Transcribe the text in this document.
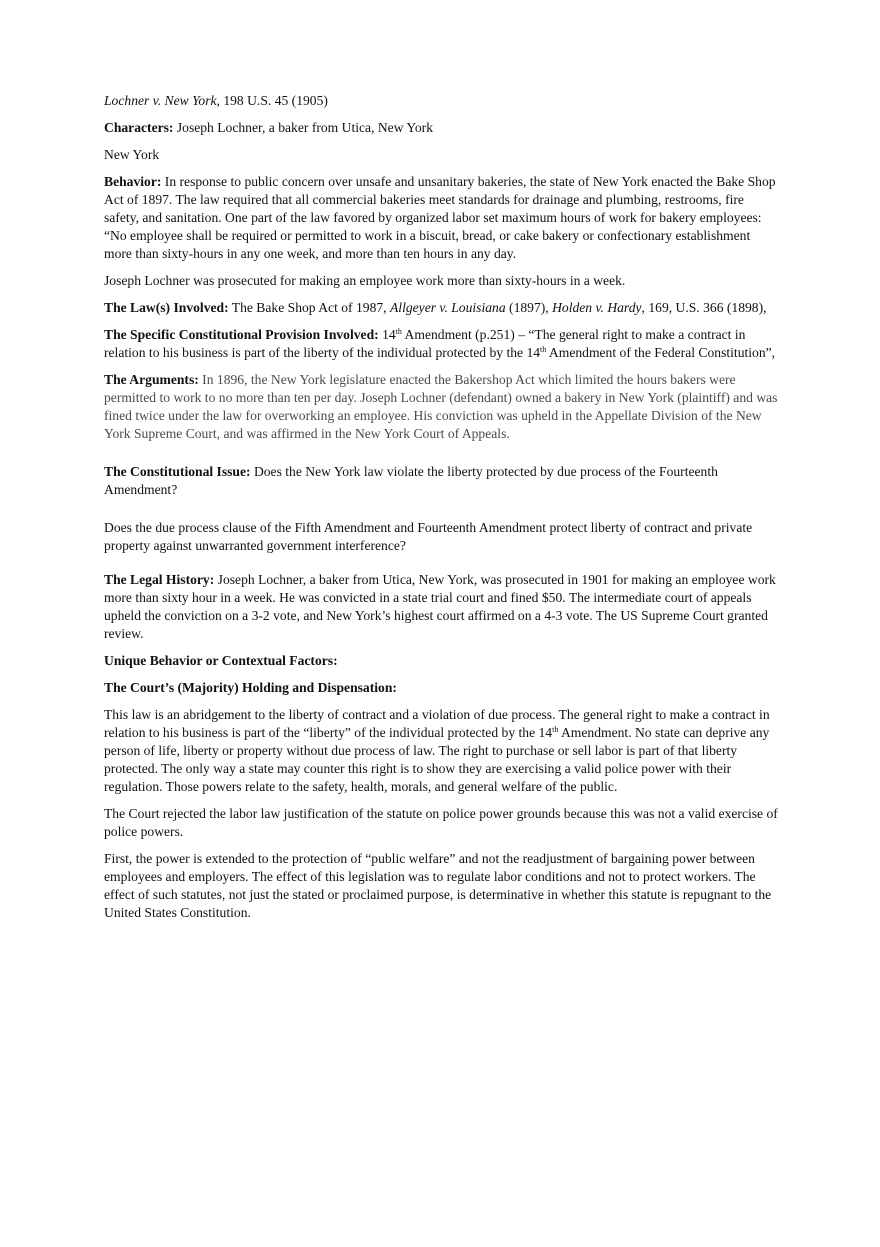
Lochner v. New York, 198 U.S. 45 (1905)

Characters: Joseph Lochner, a baker from Utica, New York

New York

Behavior: In response to public concern over unsafe and unsanitary bakeries, the state of New York enacted the Bake Shop Act of 1897. The law required that all commercial bakeries meet standards for drainage and plumbing, restrooms, fire safety, and sanitation. One part of the law favored by organized labor set maximum hours of work for bakery employees: “No employee shall be required or permitted to work in a biscuit, bread, or cake bakery or confectionary establishment more than sixty-hours in any one week, and more than ten hours in any day.

Joseph Lochner was prosecuted for making an employee work more than sixty-hours in a week.

The Law(s) Involved: The Bake Shop Act of 1987, Allgeyer v. Louisiana (1897), Holden v. Hardy, 169, U.S. 366 (1898),

The Specific Constitutional Provision Involved: 14th Amendment (p.251) – “The general right to make a contract in relation to his business is part of the liberty of the individual protected by the 14th Amendment of the Federal Constitution”,

The Arguments: In 1896, the New York legislature enacted the Bakershop Act which limited the hours bakers were permitted to work to no more than ten per day. Joseph Lochner (defendant) owned a bakery in New York (plaintiff) and was fined twice under the law for overworking an employee. His conviction was upheld in the Appellate Division of the New York Supreme Court, and was affirmed in the New York Court of Appeals.

The Constitutional Issue: Does the New York law violate the liberty protected by due process of the Fourteenth Amendment?

Does the due process clause of the Fifth Amendment and Fourteenth Amendment protect liberty of contract and private property against unwarranted government interference?

The Legal History: Joseph Lochner, a baker from Utica, New York, was prosecuted in 1901 for making an employee work more than sixty hour in a week. He was convicted in a state trial court and fined $50. The intermediate court of appeals upheld the conviction on a 3-2 vote, and New York’s highest court affirmed on a 4-3 vote. The US Supreme Court granted review.

Unique Behavior or Contextual Factors:

The Court’s (Majority) Holding and Dispensation:

This law is an abridgement to the liberty of contract and a violation of due process. The general right to make a contract in relation to his business is part of the “liberty” of the individual protected by the 14th Amendment. No state can deprive any person of life, liberty or property without due process of law. The right to purchase or sell labor is part of that liberty protected. The only way a state may counter this right is to show they are exercising a valid police power with their regulation. Those powers relate to the safety, health, morals, and general welfare of the public.

The Court rejected the labor law justification of the statute on police power grounds because this was not a valid exercise of police powers.

First, the power is extended to the protection of “public welfare” and not the readjustment of bargaining power between employees and employers. The effect of this legislation was to regulate labor conditions and not to protect workers. The effect of such statutes, not just the stated or proclaimed purpose, is determinative in whether this statute is repugnant to the United States Constitution.
